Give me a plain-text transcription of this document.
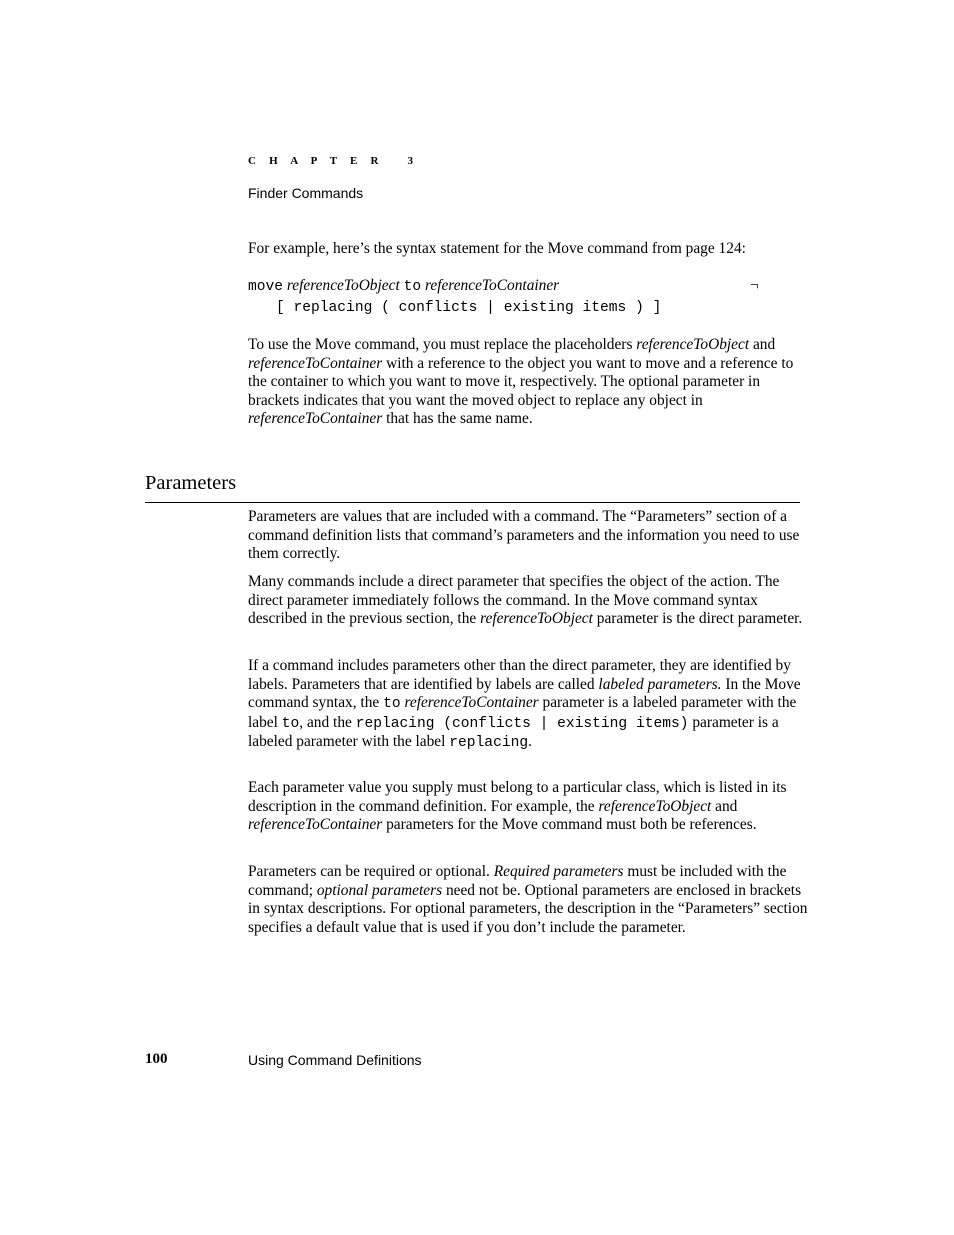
C H A P T E R   3
Finder Commands

For example, here’s the syntax statement for the Move command from page 124:

move referenceToObject to referenceToContainer	¬
[ replacing ( conflicts | existing items ) ]

To use the Move command, you must replace the placeholders referenceToObject and referenceToContainer with a reference to the object you want to move and a reference to the container to which you want to move it, respectively. The optional parameter in brackets indicates that you want the moved object to replace any object in referenceToContainer that has the same name.

Parameters

Parameters are values that are included with a command. The “Parameters” section of a command definition lists that command’s parameters and the information you need to use them correctly.

Many commands include a direct parameter that specifies the object of the action. The direct parameter immediately follows the command. In the Move command syntax described in the previous section, the referenceToObject parameter is the direct parameter.

If a command includes parameters other than the direct parameter, they are identified by labels. Parameters that are identified by labels are called labeled parameters. In the Move command syntax, the to referenceToContainer parameter is a labeled parameter with the label to, and the replacing (conflicts | existing items) parameter is a labeled parameter with the label replacing.

Each parameter value you supply must belong to a particular class, which is listed in its description in the command definition. For example, the referenceToObject and referenceToContainer parameters for the Move command must both be references.

Parameters can be required or optional. Required parameters must be included with the command; optional parameters need not be. Optional parameters are enclosed in brackets in syntax descriptions. For optional parameters, the description in the “Parameters” section specifies a default value that is used if you don’t include the parameter.

100	Using Command Definitions
